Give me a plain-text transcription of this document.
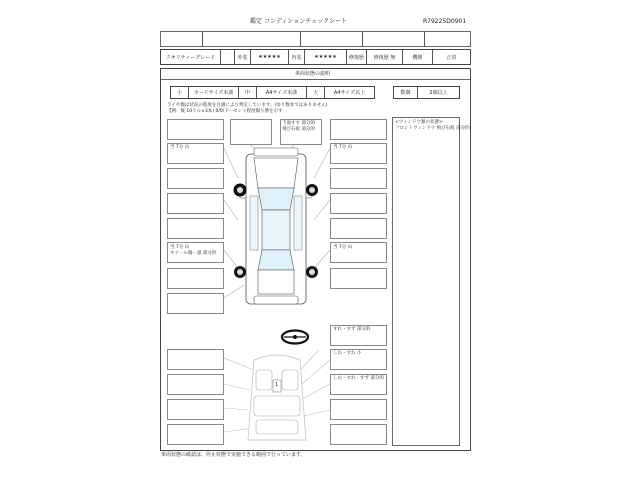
鑑定 コンディションチェックシート	R79225D0901
クオリティーグレード	外装	★★★★★	内装	★★★★★	修復歴	修復歴 無	機関	正常
車両状態の説明
小	カードサイズ未満	中	A4サイズ未満	大	A4サイズ以上	数個	2個以上
ライや傷は状況の程度を目測により判定しています。(ゆり数本ではありません)
【例：後 10ドル×3本) 0/0/ドーセント程度傷り勝を示す
<ウィンドウ類の状態>
フロントウィンドウ 飛び石痕 部分的
当 7分 山
当 7分 山
ホイール傷ー量 部分的
下面すす 部分的
飛び石痕 部分的
当 7分 山
当 7分 山
すれ・すず 部分的
しわ・すれ 小
しわ・すれ・すず 部分的
1
車両状態の確認は、停止状態で実施できる範囲で行っています。
